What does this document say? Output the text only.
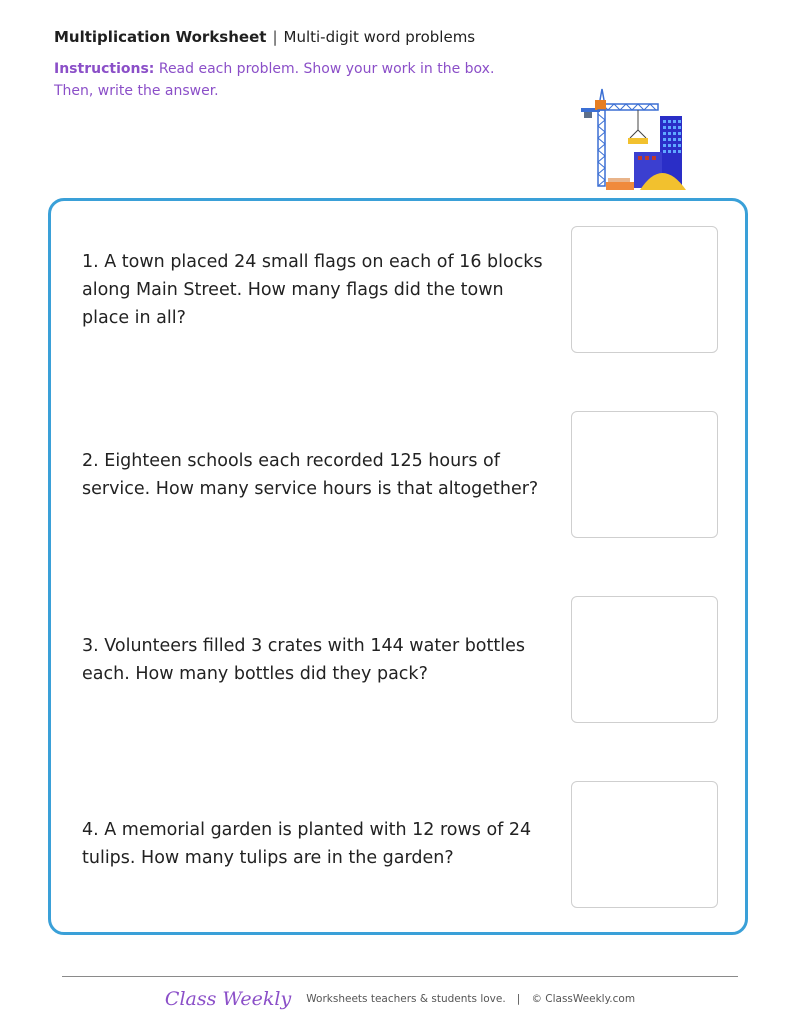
Multiplication Worksheet | Multi-digit word problems
Instructions: Read each problem. Show your work in the box. Then, write the answer.
1. A town placed 24 small flags on each of 16 blocks along Main Street. How many flags did the town place in all?
2. Eighteen schools each recorded 125 hours of service. How many service hours is that altogether?
3. Volunteers filled 3 crates with 144 water bottles each. How many bottles did they pack?
4. A memorial garden is planted with 12 rows of 24 tulips. How many tulips are in the garden?
Class Weekly Worksheets teachers & students love. | © ClassWeekly.com
